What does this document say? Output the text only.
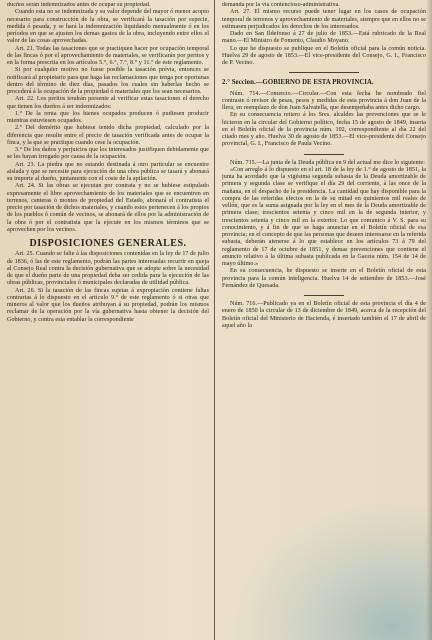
ducños serán indemnizados antes de ocupar su propiedad.

Cuando esta no se indemnizada y su valor depende del mayor ó menor acopio necesario para construcción de la obra, se verificará la tasación por especie, medida ó pesada, y se hará la indemnización liquidando menualmente ó en los períodos en que se ajusten los demas gastos de la obra, incluyendo entre ellos el valor de las cosas aprovechadas.

Art. 21. Todas las tasaciones que se practiquen hacer por ocupación temporal de las fincas ó por el aprovechamiento de materiales, se verificarán por peritos y en la forma prescrita en los artículos 5.°, 6.°, 7.°, 8.° y 11.° de este reglamento.

Si por cualquier motivo no fuese posible la tasación prévia, entonces se notificará al propietario para que haga las reclamaciones que tenga por oportunas dentro del término de diez días, pasados los cuales sin haberlas hecho se procederá á la ocupación de la propiedad ó materiales que los sean necesarios.

Art. 22. Los peritos tendrán presente al verificar estas tasaciones el derecho que tienen los dueños á ser indemnizados:

1.° De la renta que los bienes ocupados producen ó pudiesen producir mientras estuviesen ocupados.

2.° Del demérito que hubiese tenido dicha propiedad, calculado por la diferencia que resulte entre el precio de tasación verificada antes de ocupar la finca, y la que se practique cuando cese la ocupación.

3.° De los daños y perjuicios que los interesados justifiquen debidamente que se les hayan irrogado por causa de la ocupación.

Art. 23. La piedra que no estando destinada á otro particular se encuentre aislada y que se necesite para ejecución de una obra pública se tasará y abonará su importe al dueño, juntamente con el coste de la apilación.

Art. 24. Si las obras se ejecutan por contrata y no se hubiese estipulado expresamente el libre aprovechamiento de los materiales que se encuentren en terrenos, canteras ó montes de propiedad del Estado, abonará el contratista el precio por tasación de dichos materiales, y cuando estos pertenecen á los propios de los pueblos ó común de vecinos, se abonará de ellos por la administración de la obra ó por el contratista que la ejecute en los mismos términos que se aprovechen por los vecinos.

DISPOSICIONES GENERALES.

Art. 25. Cuando se falte á las disposiciones contenidas en la ley de 17 de julio de 1836, ó las de este reglamento, podrán las partes interesadas recurrir en queja al Consejo Real contra la decisión gubernativa que se adopte sobre la necesidad de que el dueño parte de una propiedad deba ser cedida para la ejecución de las obras públicas, provinciales ó municipales declaradas de utilidad pública.

Art. 26. Si la tasación de las fincas sujetas á expropiación contiene faltas contrarias á lo dispuesto en el artículo 9.° de este reglamento ó si otras que mineros al valor que los dueños atribuyan á su propiedad, podrán los mismos reclamar de la operación por la vía gubernativa hasta obtener la decisión del Gobierno, y contra esta entablar la correspondiente

demanda por la vía contencioso-administrativa.

Art. 27. El mismo recurso puede tener lugar en los casos de ocupación temporal de terrenos y aprovechamiento de materiales, siempre que en ellos no se estimasen perjudicados los derechos de los interesados.

Dado en San Ildefonso á 27 de julio de 1853.—Está rubricado de la Real mano.—El Ministro de Fomento, Claudio Moyano.

Lo que he dispuesto se publique en el Boletín oficial para la común noticia. Huelva 29 de agosto de 1853.—El vice-presidente del Consejo, G. I., Francisco de P. Vecino.

2.° Seccion.—GOBIERNO DE ESTA PROVINCIA.

Núm. 714.—Comercio.—Circular.—Con esta fecha he nombrado fiel contraste ó revisor de pesas, pesos y medidas de esta provincia á don Juan de la llera, en reemplazo de don Juan Salvatella, que desempeñaba antes dicho cargo.

En su consecuencia reitero á los Sres. alcaldes las prevenciones que se le hicieron en la circular del Gobierno político, fecha 15 de agosto de 1849, inserta en el Boletín oficial de la provincia núm. 102, correspondiente al día 22 del citado mes y año. Huelva 30 de agosto de 1853.—El vice-presidente del Consejo provincial, G. I., Francisco de Paula Vecino.

Núm. 715.—La junta de la Deuda pública en 9 del actual me dice lo siguiente:

«Con arreglo á lo dispuesto en el art. 18 de la ley de 1.° de agosto de 1851, la junta ha acordado que la vigésima segunda subasta de la Deuda amortizable de primera y segunda clase se verifique el día 29 del corriente, á las once de la mañana, en el despacho de la presidencia. La cantidad que hay disponible para la compra de las referidas efectos en la de su mitad en quinientos mil reales de vellón, que es la suma asignada por la ley en el mes de la Deuda amortizable de primera clase; trescientos setenta y cinco mil en la de segunda interior, y trescientos setenta y cinco mil en la exterior. Lo que comunico á V. S. para su conocimiento, y á fin de que se haga anunciar en el Boletín oficial de esa provincia; en el concepto de que las personas que deseen interesarse en la referida subasta, deberán atenerse á lo que establece en los artículos 73 á 79 del reglamento de 17 de octubre de 1851, y demas prevenciones que contiene el anuncio relativo á la última subasta publicada en la Gaceta núm. 154 de 14 de mayo último.»

En su consecuencia, he dispuesto se inserte en el Boletín oficial de esta provincia para la común inteligencia. Huelva 14 de setiembre de 1853.—José Fernández de Quesada.

Núm. 716.—Publicado ya en el Boletín oficial de esta provincia el día 4 de enero de 1850 la circular de 13 de diciembre de 1849, acerca de la recepción del Boletín oficial del Ministerio de Hacienda, é insertado también el 17 de abril de aquel año la
